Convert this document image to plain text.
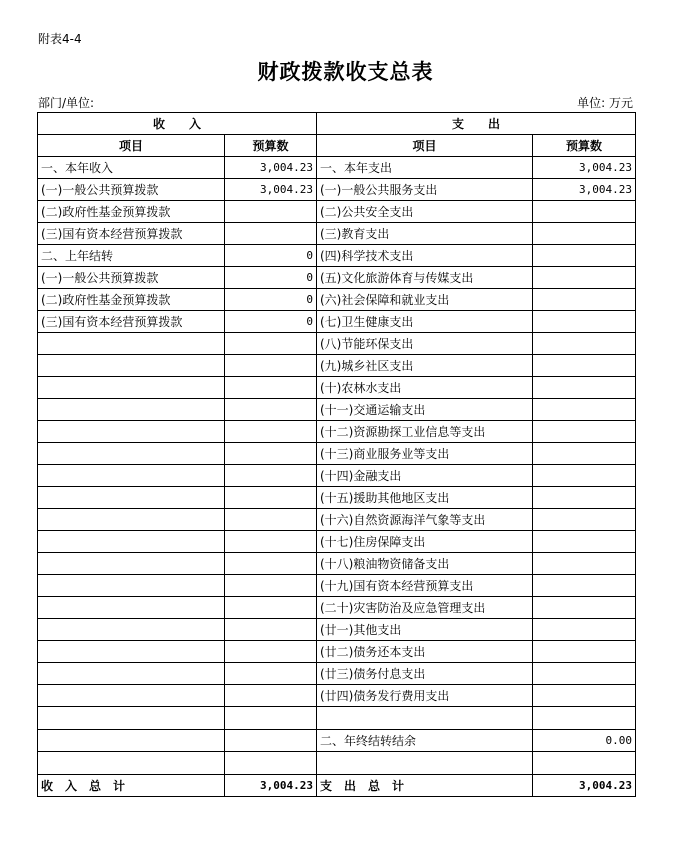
附表4-4
财政拨款收支总表
部门/单位:	单位: 万元
收　　入		支　　出	
项目	预算数	项目	预算数
一、本年收入	3,004.23	一、本年支出	3,004.23
(一)一般公共预算拨款	3,004.23	(一)一般公共服务支出	3,004.23
(二)政府性基金预算拨款		(二)公共安全支出	
(三)国有资本经营预算拨款		(三)教育支出	
二、上年结转	0	(四)科学技术支出	
(一)一般公共预算拨款	0	(五)文化旅游体育与传媒支出	
(二)政府性基金预算拨款	0	(六)社会保障和就业支出	
(三)国有资本经营预算拨款	0	(七)卫生健康支出	
		(八)节能环保支出	
		(九)城乡社区支出	
		(十)农林水支出	
		(十一)交通运输支出	
		(十二)资源勘探工业信息等支出	
		(十三)商业服务业等支出	
		(十四)金融支出	
		(十五)援助其他地区支出	
		(十六)自然资源海洋气象等支出	
		(十七)住房保障支出	
		(十八)粮油物资储备支出	
		(十九)国有资本经营预算支出	
		(二十)灾害防治及应急管理支出	
		(廿一)其他支出	
		(廿二)债务还本支出	
		(廿三)债务付息支出	
		(廿四)债务发行费用支出	

		二、年终结转结余	0.00

收　入　总　计	3,004.23	支　出　总　计	3,004.23
